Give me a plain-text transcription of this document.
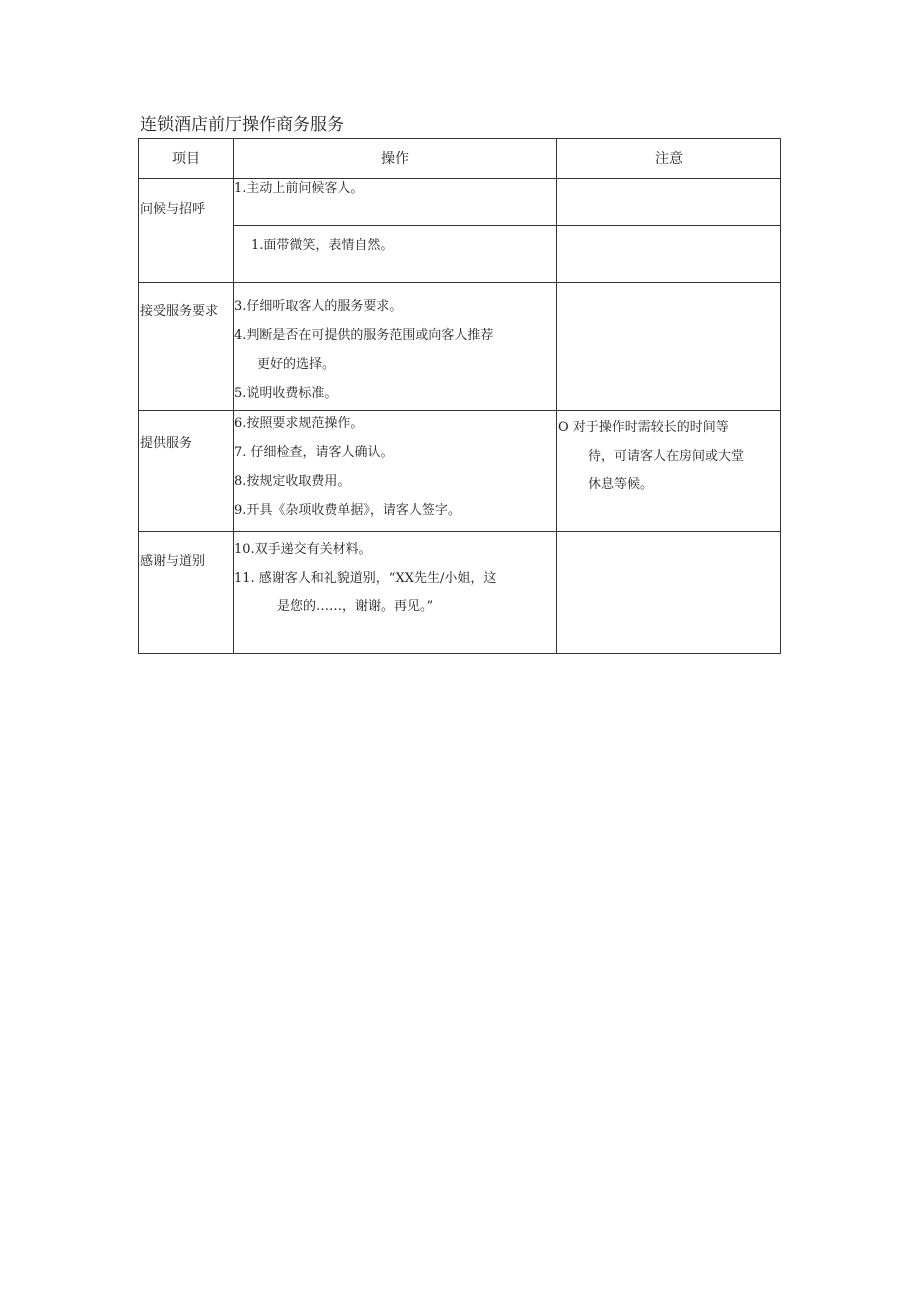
连锁酒店前厅操作商务服务
项目	操作	注意
问候与招呼
1.主动上前问候客人。
1.面带微笑，表情自然。
接受服务要求 3.仔细听取客人的服务要求。
4.判断是否在可提供的服务范围或向客人推荐
更好的选择。
5.说明收费标准。
提供服务
6.按照要求规范操作。
7. 仔细检查，请客人确认。
8.按规定收取费用。
9.开具《杂项收费单据》，请客人签字。
O 对于操作时需较长的时间等
待，可请客人在房间或大堂
休息等候。
感谢与道别
10.双手递交有关材料。
11. 感谢客人和礼貌道别，“XX先生/小姐，这
是您的……，谢谢。再见。”
